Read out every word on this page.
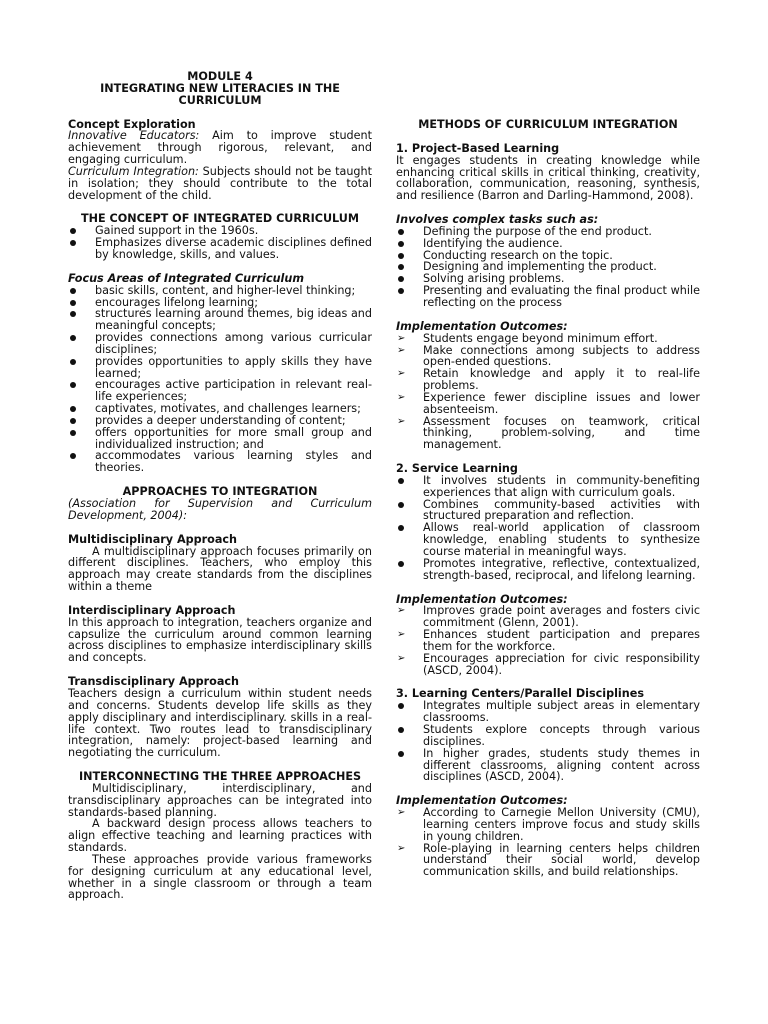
MODULE 4

INTEGRATING NEW LITERACIES IN THE CURRICULUM

Concept Exploration

Innovative Educators: Aim to improve student achievement through rigorous, relevant, and engaging curriculum.

Curriculum Integration: Subjects should not be taught in isolation; they should contribute to the total development of the child.

THE CONCEPT OF INTEGRATED CURRICULUM

Gained support in the 1960s.
Emphasizes diverse academic disciplines defined by knowledge, skills, and values.

Focus Areas of Integrated Curriculum

basic skills, content, and higher-level thinking;
encourages lifelong learning;
structures learning around themes, big ideas and meaningful concepts;
provides connections among various curricular disciplines;
provides opportunities to apply skills they have learned;
encourages active participation in relevant real-life experiences;
captivates, motivates, and challenges learners;
provides a deeper understanding of content;
offers opportunities for more small group and individualized instruction; and
accommodates various learning styles and theories.

APPROACHES TO INTEGRATION

(Association for Supervision and Curriculum Development, 2004):

Multidisciplinary Approach

A multidisciplinary approach focuses primarily on different disciplines. Teachers, who employ this approach may create standards from the disciplines within a theme

Interdisciplinary Approach

In this approach to integration, teachers organize and capsulize the curriculum around common learning across disciplines to emphasize interdisciplinary skills and concepts.

Transdisciplinary Approach

Teachers design a curriculum within student needs and concerns. Students develop life skills as they apply disciplinary and interdisciplinary. skills in a real-life context. Two routes lead to transdisciplinary integration, namely: project-based learning and negotiating the curriculum.

INTERCONNECTING THE THREE APPROACHES

Multidisciplinary, interdisciplinary, and transdisciplinary approaches can be integrated into standards-based planning.

A backward design process allows teachers to align effective teaching and learning practices with standards.

These approaches provide various frameworks for designing curriculum at any educational level, whether in a single classroom or through a team approach.

METHODS OF CURRICULUM INTEGRATION

1. Project-Based Learning

It engages students in creating knowledge while enhancing critical skills in critical thinking, creativity, collaboration, communication, reasoning, synthesis, and resilience (Barron and Darling-Hammond, 2008).

Involves complex tasks such as:

Defining the purpose of the end product.
Identifying the audience.
Conducting research on the topic.
Designing and implementing the product.
Solving arising problems.
Presenting and evaluating the final product while reflecting on the process

Implementation Outcomes:

➢ Students engage beyond minimum effort.
➢ Make connections among subjects to address open-ended questions.
➢ Retain knowledge and apply it to real-life problems.
➢ Experience fewer discipline issues and lower absenteeism.
➢ Assessment focuses on teamwork, critical thinking, problem-solving, and time management.

2. Service Learning

It involves students in community-benefiting experiences that align with curriculum goals.
Combines community-based activities with structured preparation and reflection.
Allows real-world application of classroom knowledge, enabling students to synthesize course material in meaningful ways.
Promotes integrative, reflective, contextualized, strength-based, reciprocal, and lifelong learning.

Implementation Outcomes:

➢ Improves grade point averages and fosters civic commitment (Glenn, 2001).
➢ Enhances student participation and prepares them for the workforce.
➢ Encourages appreciation for civic responsibility (ASCD, 2004).

3. Learning Centers/Parallel Disciplines

Integrates multiple subject areas in elementary classrooms.
Students explore concepts through various disciplines.
In higher grades, students study themes in different classrooms, aligning content across disciplines (ASCD, 2004).

Implementation Outcomes:

➢ According to Carnegie Mellon University (CMU), learning centers improve focus and study skills in young children.
➢ Role-playing in learning centers helps children understand their social world, develop communication skills, and build relationships.
